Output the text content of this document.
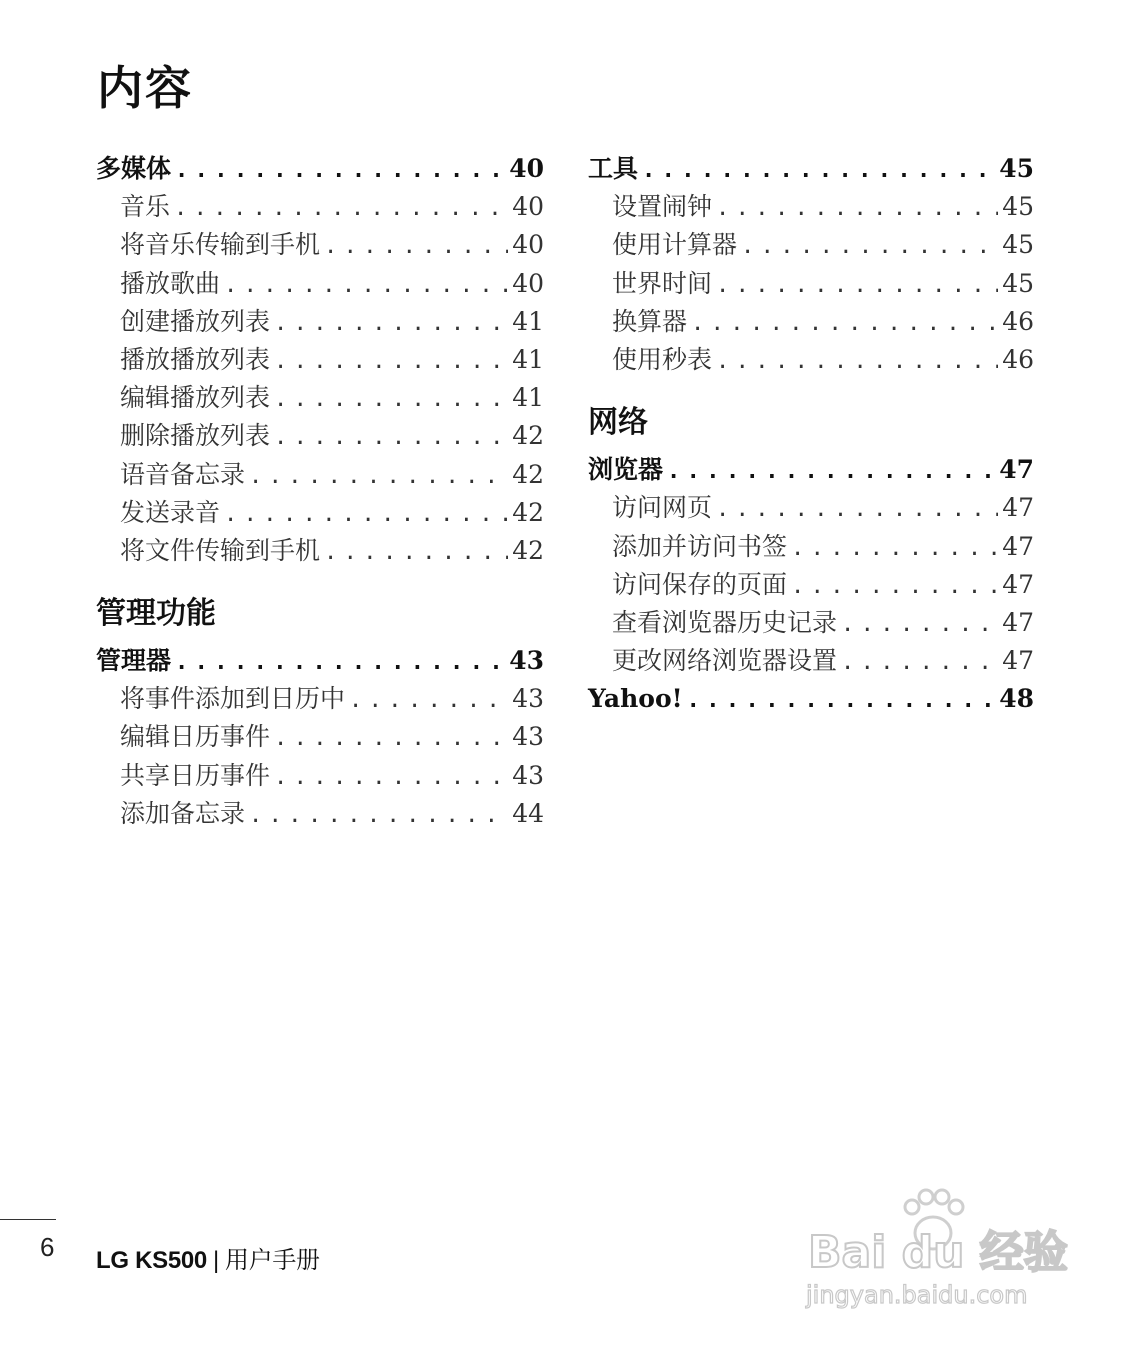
内容
多媒体 .....	40
音乐 .....	40
将音乐传输到手机 .....	40
播放歌曲 .....	40
创建播放列表 .....	41
播放播放列表 .....	41
编辑播放列表 .....	41
删除播放列表 .....	42
语音备忘录 .....	42
发送录音 .....	42
将文件传输到手机 .....	42
管理功能
管理器 .....	43
将事件添加到日历中 .....	43
编辑日历事件 .....	43
共享日历事件 .....	43
添加备忘录 .....	44
工具 .....	45
设置闹钟 .....	45
使用计算器 .....	45
世界时间 .....	45
换算器 .....	46
使用秒表 .....	46
网络
浏览器 .....	47
访问网页 .....	47
添加并访问书签 .....	47
访问保存的页面 .....	47
查看浏览器历史记录 .....	47
更改网络浏览器设置 .....	47
Yahoo! .....	48
6 LG KS500 | 用户手册	Bai du 经验
jingyan.baidu.com
